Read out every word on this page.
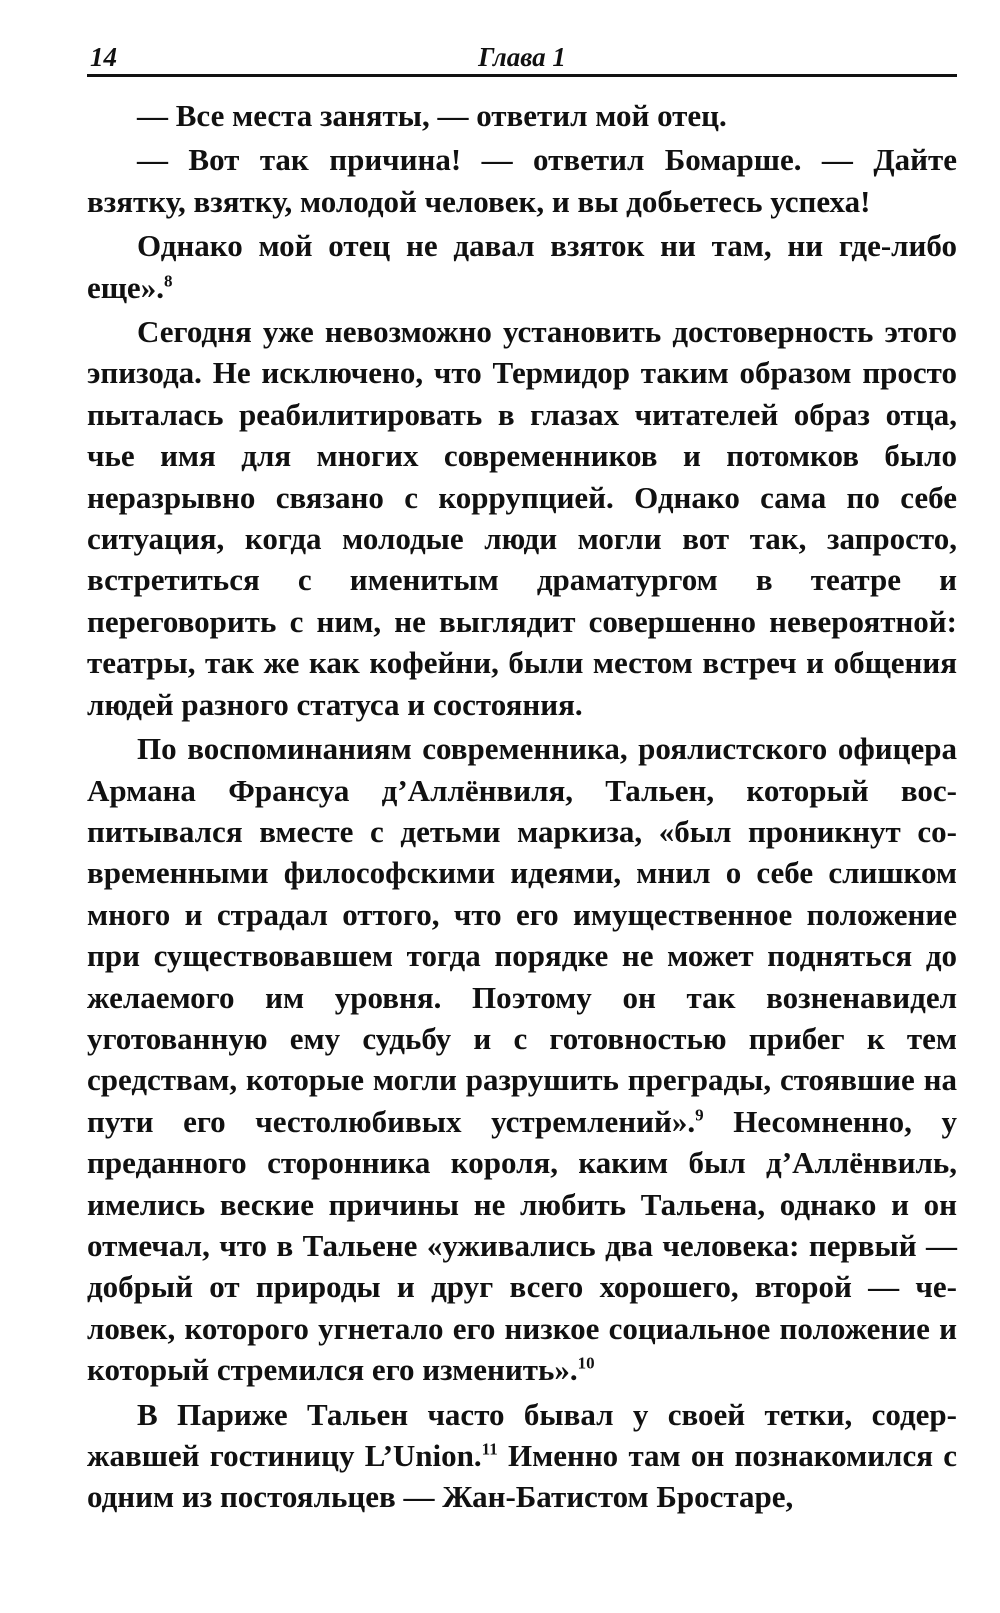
14	Глава 1

— Все места заняты, — ответил мой отец.

— Вот так причина! — ответил Бомарше. — Дайте взятку, взятку, молодой человек, и вы добьетесь успеха!

Однако мой отец не давал взяток ни там, ни где-либо еще».$^8$

Сегодня уже невозможно установить достоверность этого эпизода. Не исключено, что Термидор таким образом просто пыталась реабилитировать в глазах читателей образ отца, чье имя для многих современников и потомков было неразрывно связано с коррупцией. Однако сама по себе ситуация, когда молодые люди могли вот так, запросто, встретиться с именитым драматургом в театре и переговорить с ним, не выглядит совершенно невероятной: театры, так же как кофейни, были местом встреч и общения людей разного статуса и состояния.

По воспоминаниям современника, роялистского офицера Армана Франсуа д’Аллёнвиля, Тальен, который воспитывался вместе с детьми маркиза, «был проникнут современными философскими идеями, мнил о себе слишком много и страдал оттого, что его имущественное положение при существовавшем тогда порядке не может подняться до желаемого им уровня. Поэтому он так возненавидел уготованную ему судьбу и с готовностью прибег к тем средствам, которые могли разрушить преграды, стоявшие на пути его честолюбивых устремлений».$^9$ Несомненно, у преданного сторонника короля, каким был д’Аллёнвиль, имелись веские причины не любить Тальена, однако и он отмечал, что в Тальене «уживались два человека: первый — добрый от природы и друг всего хорошего, второй — человек, которого угнетало его низкое социальное положение и который стремился его изменить».$^{10}$

В Париже Тальен часто бывал у своей тетки, содержавшей гостиницу L’Union.$^{11}$ Именно там он познакомился с одним из постояльцев — Жан-Батистом Бростаре,
